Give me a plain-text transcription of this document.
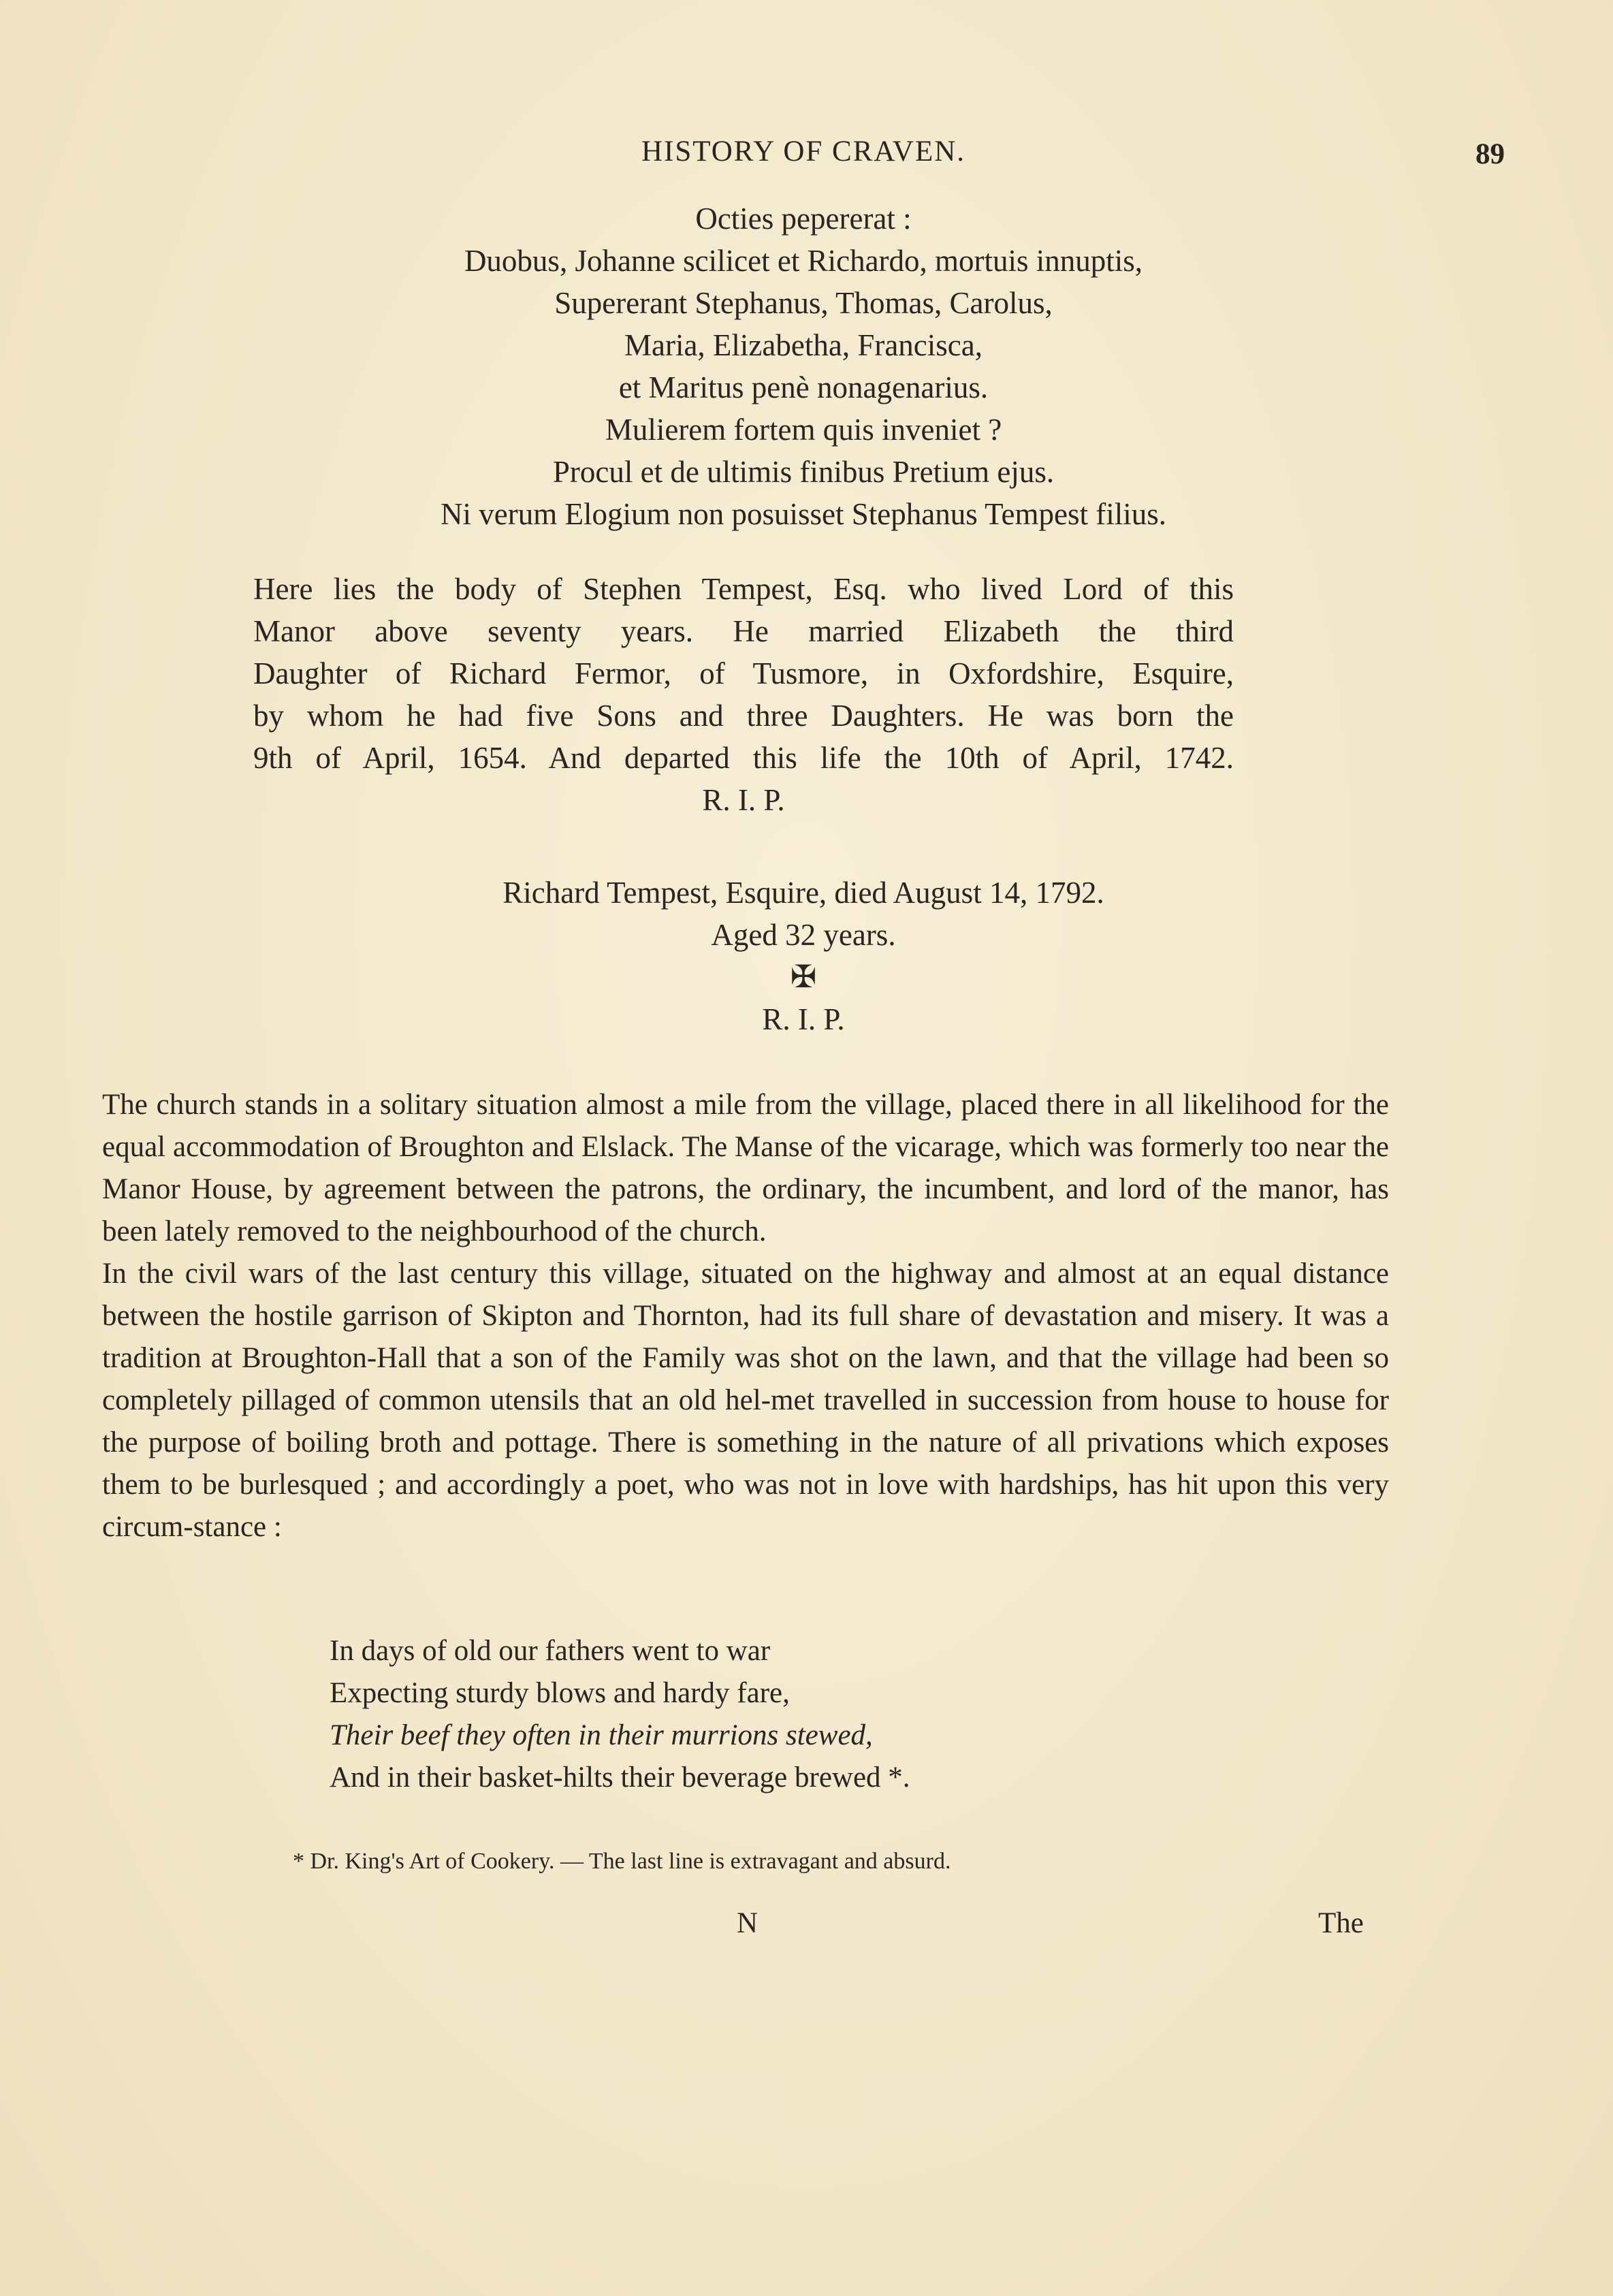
HISTORY OF CRAVEN.	89
Octies pepererat :
Duobus, Johanne scilicet et Richardo, mortuis innuptis,
Supererant Stephanus, Thomas, Carolus,
Maria, Elizabetha, Francisca,
et Maritus penè nonagenarius.
Mulierem fortem quis inveniet ?
Procul et de ultimis finibus Pretium ejus.
Ni verum Elogium non posuisset Stephanus Tempest filius.
Here lies the body of Stephen Tempest, Esq. who lived Lord of this
Manor above seventy years. He married Elizabeth the third
Daughter of Richard Fermor, of Tusmore, in Oxfordshire, Esquire,
by whom he had five Sons and three Daughters. He was born the
9th of April, 1654. And departed this life the 10th of April, 1742.
R. I. P.
Richard Tempest, Esquire, died August 14, 1792.
Aged 32 years.
✠
R. I. P.

The church stands in a solitary situation almost a mile from the village, placed there in all likelihood for the equal accommodation of Broughton and Elslack. The Manse of the vicarage, which was formerly too near the Manor House, by agreement between the patrons, the ordinary, the incumbent, and lord of the manor, has been lately removed to the neighbourhood of the church.

In the civil wars of the last century this village, situated on the highway and almost at an equal distance between the hostile garrison of Skipton and Thornton, had its full share of devastation and misery. It was a tradition at Broughton-Hall that a son of the Family was shot on the lawn, and that the village had been so completely pillaged of common utensils that an old hel-met travelled in succession from house to house for the purpose of boiling broth and pottage. There is something in the nature of all privations which exposes them to be burlesqued ; and accordingly a poet, who was not in love with hardships, has hit upon this very circum-stance :

In days of old our fathers went to war
Expecting sturdy blows and hardy fare,
Their beef they often in their murrions stewed,
And in their basket-hilts their beverage brewed *.
* Dr. King's Art of Cookery. — The last line is extravagant and absurd.
N	The
